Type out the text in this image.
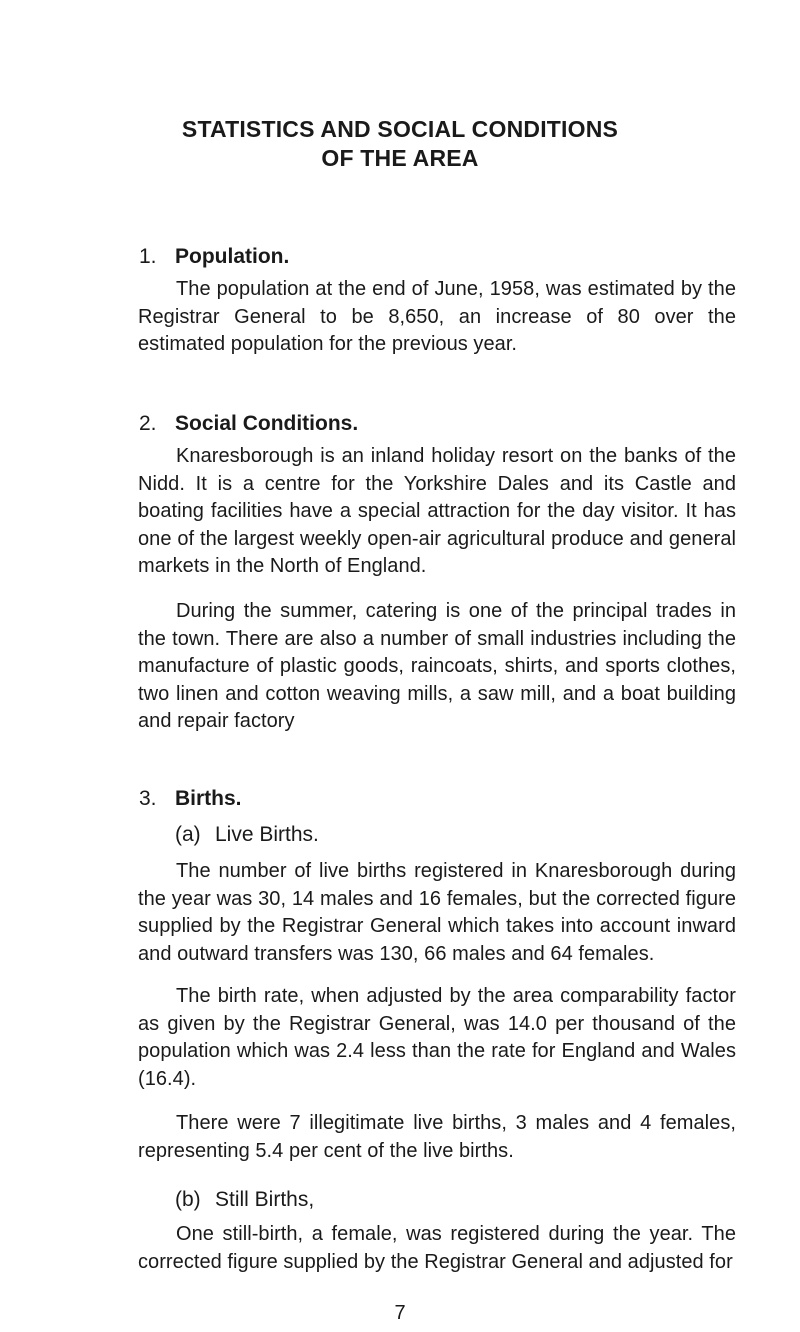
STATISTICS AND SOCIAL CONDITIONS
OF THE AREA
1. Population.

The population at the end of June, 1958, was estimated by the Registrar General to be 8,650, an increase of 80 over the estimated population for the previous year.

2. Social Conditions.

Knaresborough is an inland holiday resort on the banks of the Nidd. It is a centre for the Yorkshire Dales and its Castle and boating facilities have a special attraction for the day visitor. It has one of the largest weekly open-air agricultural produce and general markets in the North of England.

During the summer, catering is one of the principal trades in the town. There are also a number of small industries including the manufacture of plastic goods, raincoats, shirts, and sports clothes, two linen and cotton weaving mills, a saw mill, and a boat building and repair factory

3. Births.
(a) Live Births.

The number of live births registered in Knaresborough during the year was 30, 14 males and 16 females, but the corrected figure supplied by the Registrar General which takes into account inward and outward transfers was 130, 66 males and 64 females.

The birth rate, when adjusted by the area comparability factor as given by the Registrar General, was 14.0 per thousand of the population which was 2.4 less than the rate for England and Wales (16.4).

There were 7 illegitimate live births, 3 males and 4 females, representing 5.4 per cent of the live births.

(b) Still Births,

One still-birth, a female, was registered during the year. The corrected figure supplied by the Registrar General and adjusted for

7
